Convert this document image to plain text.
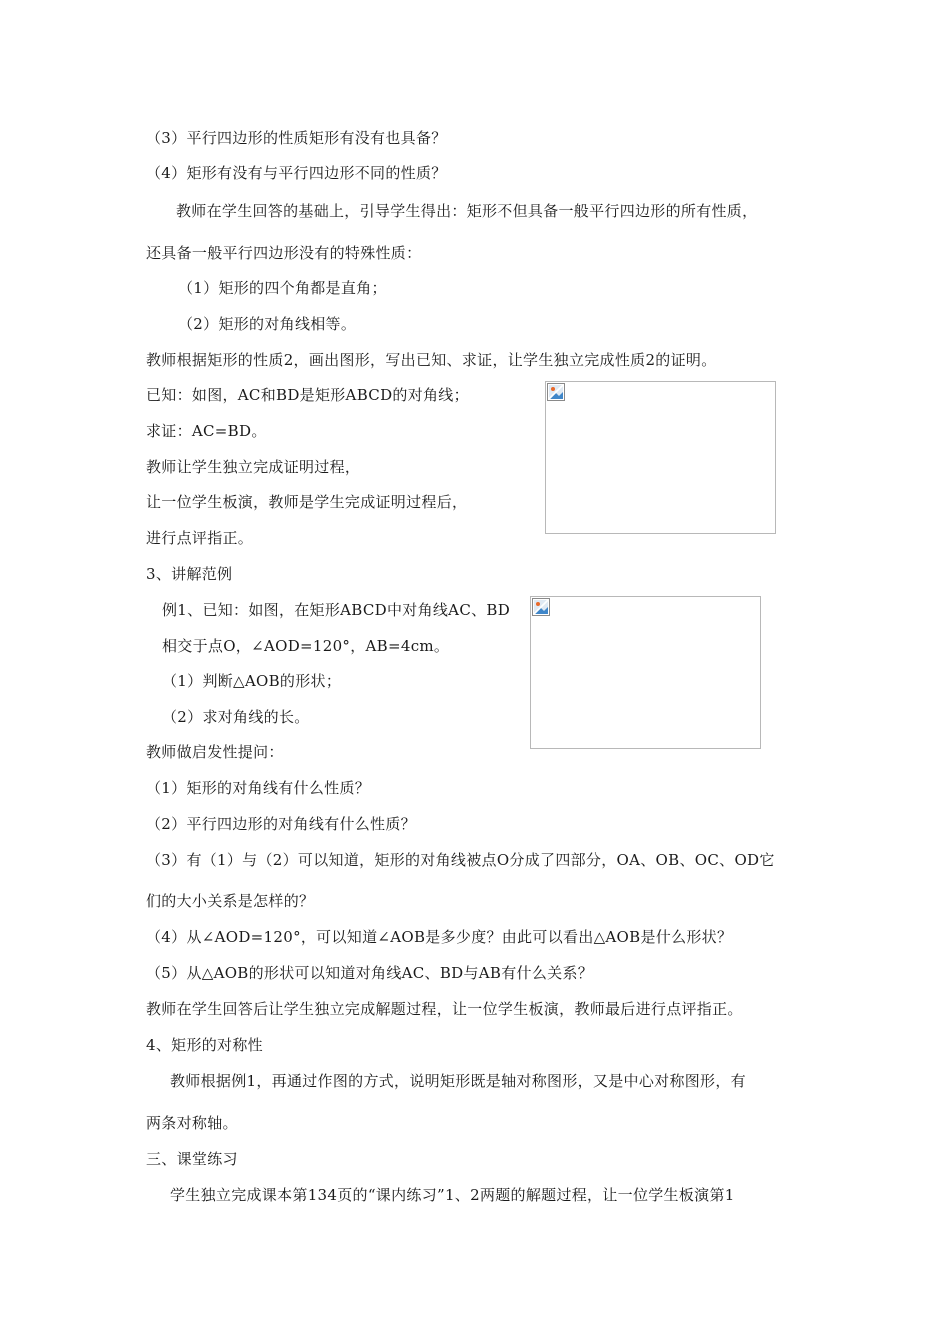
（3）平行四边形的性质矩形有没有也具备？
（4）矩形有没有与平行四边形不同的性质？
教师在学生回答的基础上，引导学生得出：矩形不但具备一般平行四边形的所有性质，
还具备一般平行四边形没有的特殊性质：
（1）矩形的四个角都是直角；
（2）矩形的对角线相等。
教师根据矩形的性质2，画出图形，写出已知、求证，让学生独立完成性质2的证明。
已知：如图，AC和BD是矩形ABCD的对角线；
求证：AC=BD。
教师让学生独立完成证明过程，
让一位学生板演，教师是学生完成证明过程后，
进行点评指正。
3、讲解范例
例1、已知：如图，在矩形ABCD中对角线AC、BD
相交于点O，∠AOD=120°，AB=4cm。
（1）判断△AOB的形状；
（2）求对角线的长。
教师做启发性提问：
（1）矩形的对角线有什么性质？
（2）平行四边形的对角线有什么性质？
（3）有（1）与（2）可以知道，矩形的对角线被点O分成了四部分，OA、OB、OC、OD它
们的大小关系是怎样的？
（4）从∠AOD=120°，可以知道∠AOB是多少度？由此可以看出△AOB是什么形状？
（5）从△AOB的形状可以知道对角线AC、BD与AB有什么关系？
教师在学生回答后让学生独立完成解题过程，让一位学生板演，教师最后进行点评指正。
4、矩形的对称性
教师根据例1，再通过作图的方式，说明矩形既是轴对称图形，又是中心对称图形，有
两条对称轴。
三、课堂练习
学生独立完成课本第134页的“课内练习”1、2两题的解题过程，让一位学生板演第1
